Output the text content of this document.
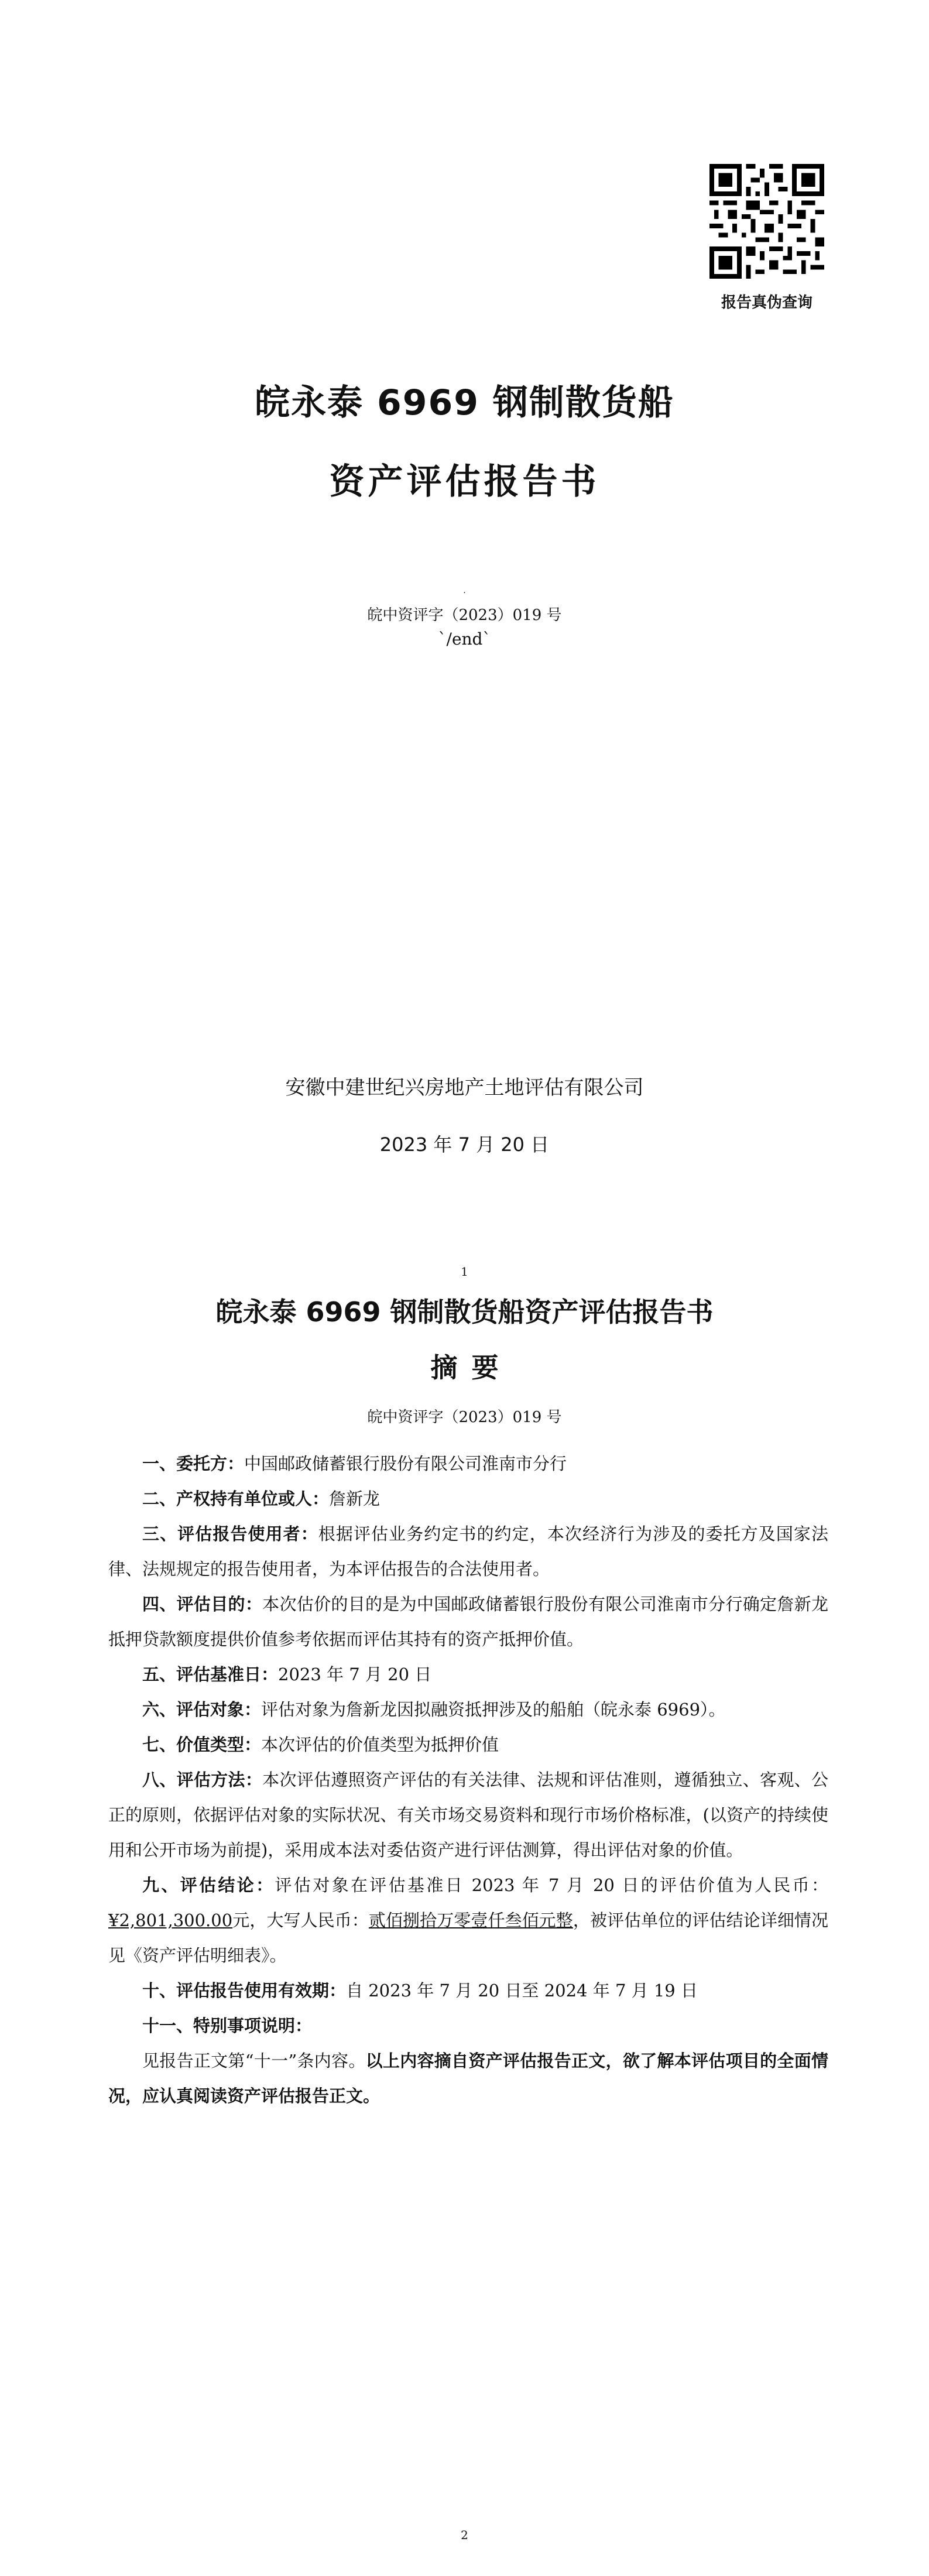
报告真伪查询
皖永泰 6969 钢制散货船
资产评估报告书
·
皖中资评字（2023）019 号
`/end`
安徽中建世纪兴房地产土地评估有限公司
2023 年 7 月 20 日
1
皖永泰 6969 钢制散货船资产评估报告书
摘要
皖中资评字（2023）019 号

一、委托方：中国邮政储蓄银行股份有限公司淮南市分行

二、产权持有单位或人：詹新龙

三、评估报告使用者：根据评估业务约定书的约定，本次经济行为涉及的委托方及国家法律、法规规定的报告使用者，为本评估报告的合法使用者。

四、评估目的：本次估价的目的是为中国邮政储蓄银行股份有限公司淮南市分行确定詹新龙抵押贷款额度提供价值参考依据而评估其持有的资产抵押价值。

五、评估基准日：2023 年 7 月 20 日

六、评估对象：评估对象为詹新龙因拟融资抵押涉及的船舶（皖永泰 6969）。

七、价值类型：本次评估的价值类型为抵押价值

八、评估方法：本次评估遵照资产评估的有关法律、法规和评估准则，遵循独立、客观、公正的原则，依据评估对象的实际状况、有关市场交易资料和现行市场价格标准，(以资产的持续使用和公开市场为前提)，采用成本法对委估资产进行评估测算，得出评估对象的价值。

九、评估结论：评估对象在评估基准日 2023 年 7 月 20 日的评估价值为人民币：¥2,801,300.00元，大写人民币：贰佰捌拾万零壹仟叁佰元整，被评估单位的评估结论详细情况见《资产评估明细表》。

十、评估报告使用有效期：自 2023 年 7 月 20 日至 2024 年 7 月 19 日

十一、特别事项说明：

见报告正文第“十一”条内容。以上内容摘自资产评估报告正文，欲了解本评估项目的全面情况，应认真阅读资产评估报告正文。

2
